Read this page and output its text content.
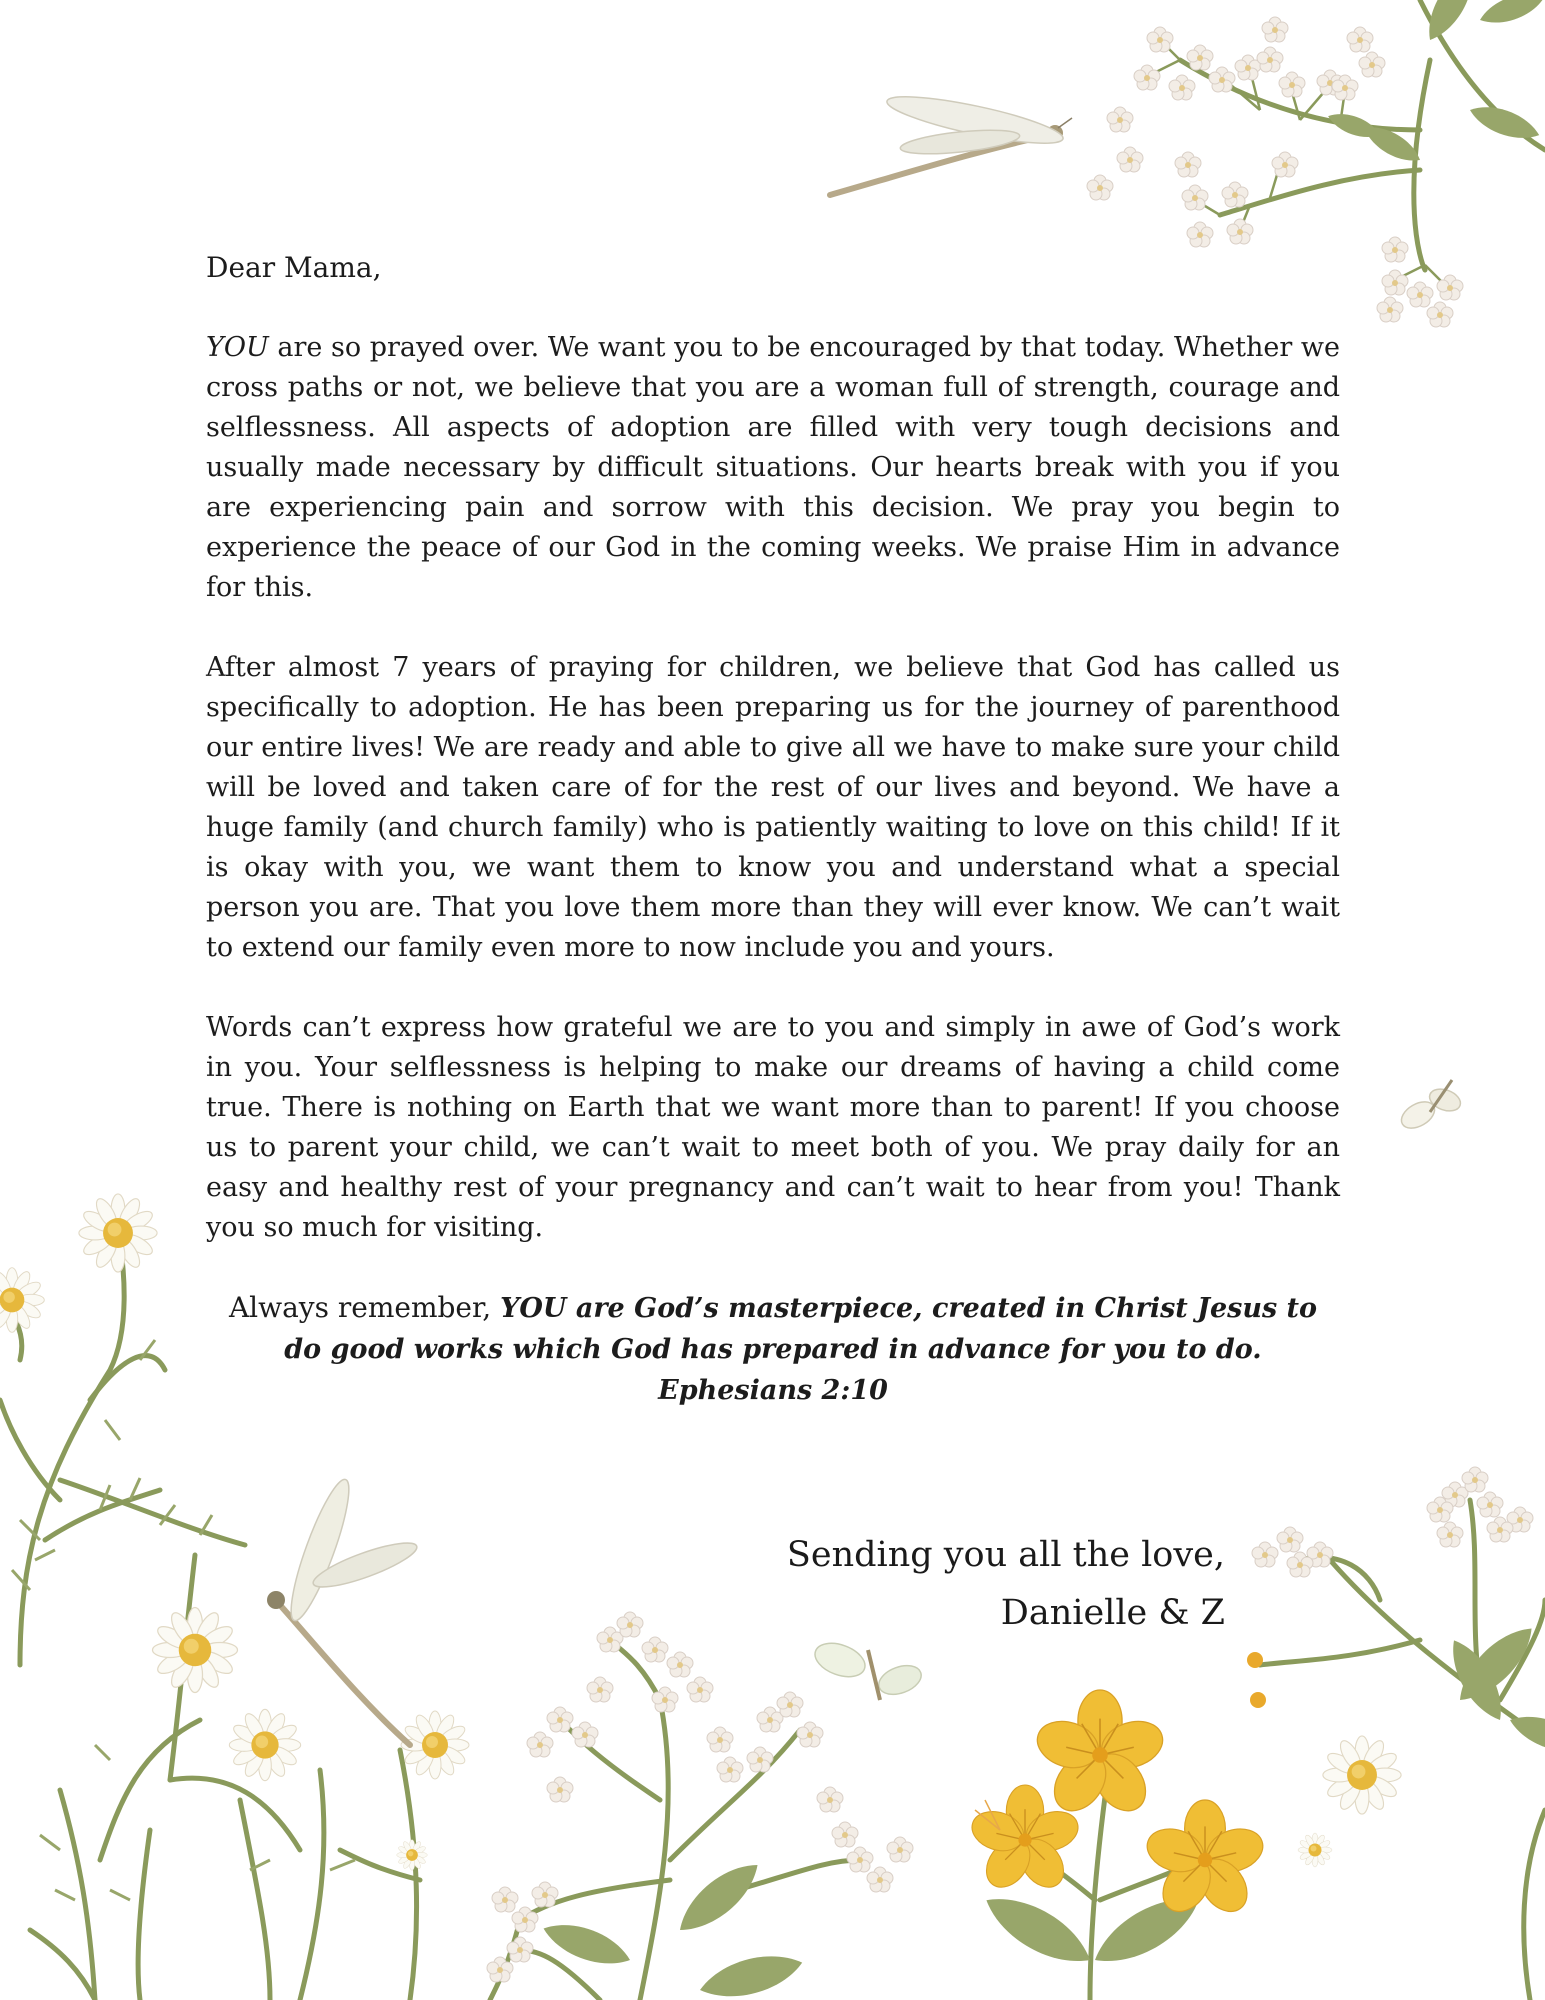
Dear Mama,

YOU are so prayed over. We want you to be encouraged by that today. Whether we cross paths or not, we believe that you are a woman full of strength, courage and selflessness. All aspects of adoption are filled with very tough decisions and usually made necessary by difficult situations. Our hearts break with you if you are experiencing pain and sorrow with this decision. We pray you begin to experience the peace of our God in the coming weeks. We praise Him in advance for this.

After almost 7 years of praying for children, we believe that God has called us specifically to adoption. He has been preparing us for the journey of parenthood our entire lives! We are ready and able to give all we have to make sure your child will be loved and taken care of for the rest of our lives and beyond. We have a huge family (and church family) who is patiently waiting to love on this child! If it is okay with you, we want them to know you and understand what a special person you are. That you love them more than they will ever know. We can’t wait to extend our family even more to now include you and yours.

Words can’t express how grateful we are to you and simply in awe of God’s work in you. Your selflessness is helping to make our dreams of having a child come true. There is nothing on Earth that we want more than to parent! If you choose us to parent your child, we can’t wait to meet both of you. We pray daily for an easy and healthy rest of your pregnancy and can’t wait to hear from you! Thank you so much for visiting.

Always remember, YOU are God’s masterpiece, created in Christ Jesus to do good works which God has prepared in advance for you to do. Ephesians 2:10

Sending you all the love,
Danielle & Z
